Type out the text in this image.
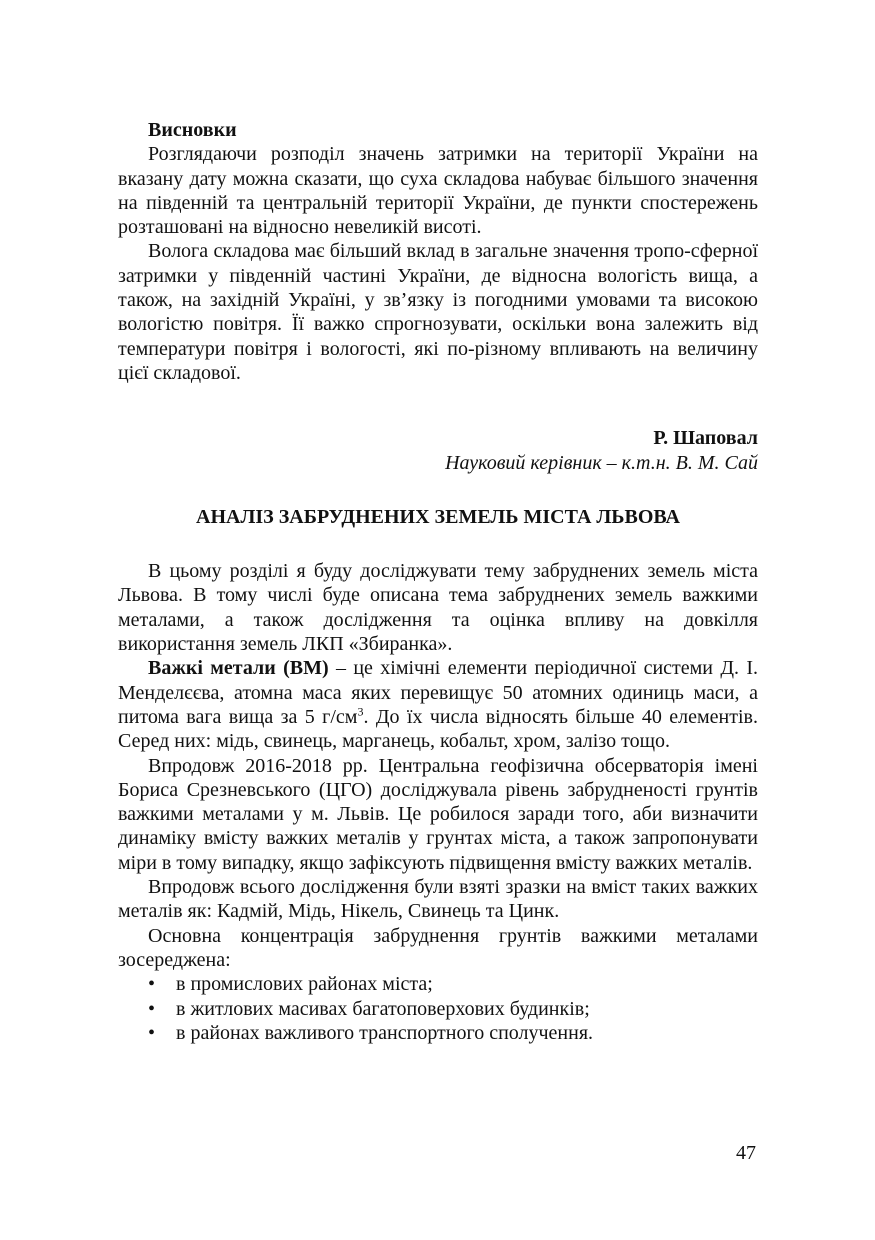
Висновки

Розглядаючи розподіл значень затримки на території України на вказану дату можна сказати, що суха складова набуває більшого значення на південній та центральній території України, де пункти спостережень розташовані на відносно невеликій висоті.

Волога складова має більший вклад в загальне значення тропо-сферної затримки у південній частині України, де відносна вологість вища, а також, на західній Україні, у зв’язку із погодними умовами та високою вологістю повітря. Її важко спрогнозувати, оскільки вона залежить від температури повітря і вологості, які по-різному впливають на величину цієї складової.

Р. Шаповал
Науковий керівник – к.т.н. В. М. Сай
АНАЛІЗ ЗАБРУДНЕНИХ ЗЕМЕЛЬ МІСТА ЛЬВОВА

В цьому розділі я буду досліджувати тему забруднених земель міста Львова. В тому числі буде описана тема забруднених земель важкими металами, а також дослідження та оцінка впливу на довкілля використання земель ЛКП «Збиранка».

Важкі метали (ВМ) – це хімічні елементи періодичної системи Д. І. Менделєєва, атомна маса яких перевищує 50 атомних одиниць маси, а питома вага вища за 5 $г/см^3$. До їх числа відносять більше 40 елементів. Серед них: мідь, свинець, марганець, кобальт, хром, залізо тощо.

Впродовж 2016-2018 рр. Центральна геофізична обсерваторія імені Бориса Срезневського (ЦГО) досліджувала рівень забрудненості грунтів важкими металами у м. Львів. Це робилося заради того, аби визначити динаміку вмісту важких металів у грунтах міста, а також запропонувати міри в тому випадку, якщо зафіксують підвищення вмісту важких металів.

Впродовж всього дослідження були взяті зразки на вміст таких важких металів як: Кадмій, Мідь, Нікель, Свинець та Цинк.

Основна концентрація забруднення грунтів важкими металами зосереджена:

• в промислових районах міста;
• в житлових масивах багатоповерхових будинків;
• в районах важливого транспортного сполучення.
47
